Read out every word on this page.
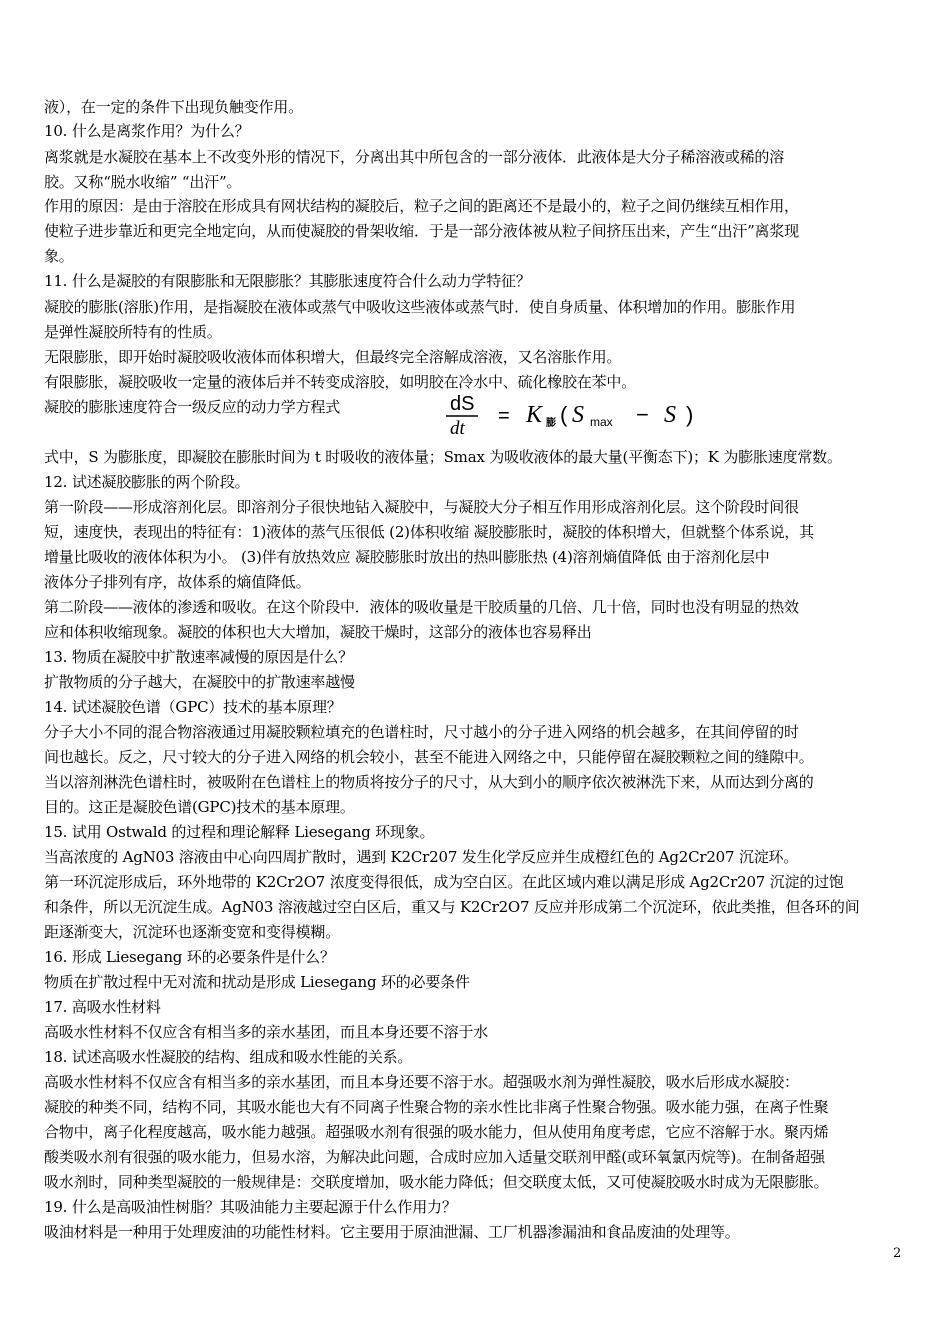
液），在一定的条件下出现负触变作用。
10. 什么是离浆作用？为什么？
离浆就是水凝胶在基本上不改变外形的情况下，分离出其中所包含的一部分液体．此液体是大分子稀溶液或稀的溶
胶。又称“脱水收缩” “出汗”。
作用的原因：是由于溶胶在形成具有网状结构的凝胶后，粒子之间的距离还不是最小的，粒子之间仍继续互相作用，
使粒子进步靠近和更完全地定向，从而使凝胶的骨架收缩．于是一部分液体被从粒子间挤压出来，产生“出汗”离浆现
象。
11. 什么是凝胶的有限膨胀和无限膨胀？其膨胀速度符合什么动力学特征？
凝胶的膨胀(溶胀)作用，是指凝胶在液体或蒸气中吸收这些液体或蒸气时．使自身质量、体积增加的作用。膨胀作用
是弹性凝胶所特有的性质。
无限膨胀，即开始时凝胶吸收液体而体积增大，但最终完全溶解成溶液，又名溶胀作用。
有限膨胀，凝胶吸收一定量的液体后并不转变成溶胶，如明胶在冷水中、硫化橡胶在苯中。
凝胶的膨胀速度符合一级反应的动力学方程式
式中，S 为膨胀度，即凝胶在膨胀时间为 t 时吸收的液体量；Smax 为吸收液体的最大量(平衡态下)；K 为膨胀速度常数。
12. 试述凝胶膨胀的两个阶段。
第一阶段——形成溶剂化层。即溶剂分子很快地钻入凝胶中，与凝胶大分子相互作用形成溶剂化层。这个阶段时间很
短，速度快，表现出的特征有：1)液体的蒸气压很低 (2)体积收缩 凝胶膨胀时，凝胶的体积增大，但就整个体系说，其
增量比吸收的液体体积为小。 (3)伴有放热效应 凝胶膨胀时放出的热叫膨胀热 (4)溶剂熵值降低 由于溶剂化层中
液体分子排列有序，故体系的熵值降低。
第二阶段——液体的渗透和吸收。在这个阶段中．液体的吸收量是干胶质量的几倍、几十倍，同时也没有明显的热效
应和体积收缩现象。凝胶的体积也大大增加，凝胶干燥时，这部分的液体也容易释出
13. 物质在凝胶中扩散速率减慢的原因是什么？
扩散物质的分子越大，在凝胶中的扩散速率越慢
14. 试述凝胶色谱（GPC）技术的基本原理？
分子大小不同的混合物溶液通过用凝胶颗粒填充的色谱柱时，尺寸越小的分子进入网络的机会越多，在其间停留的时
间也越长。反之，尺寸较大的分子进入网络的机会较小，甚至不能进入网络之中，只能停留在凝胶颗粒之间的缝隙中。
当以溶剂淋洗色谱柱时，被吸附在色谱柱上的物质将按分子的尺寸，从大到小的顺序依次被淋洗下来，从而达到分离的
目的。这正是凝胶色谱(GPC)技术的基本原理。
15. 试用 Ostwald 的过程和理论解释 Liesegang 环现象。
当高浓度的 AgN03 溶液由中心向四周扩散时，遇到 K2Cr207 发生化学反应并生成橙红色的 Ag2Cr207 沉淀环。
第一环沉淀形成后，环外地带的 K2Cr2O7 浓度变得很低，成为空白区。在此区域内难以满足形成 Ag2Cr207 沉淀的过饱
和条件，所以无沉淀生成。AgN03 溶液越过空白区后，重又与 K2Cr2O7 反应并形成第二个沉淀环，依此类推，但各环的间
距逐渐变大，沉淀环也逐渐变宽和变得模糊。
16. 形成 Liesegang 环的必要条件是什么？
物质在扩散过程中无对流和扰动是形成 Liesegang 环的必要条件
17. 高吸水性材料
高吸水性材料不仅应含有相当多的亲水基团，而且本身还要不溶于水
18. 试述高吸水性凝胶的结构、组成和吸水性能的关系。
高吸水性材料不仅应含有相当多的亲水基团，而且本身还要不溶于水。超强吸水剂为弹性凝胶，吸水后形成水凝胶：
凝胶的种类不同，结构不同，其吸水能也大有不同离子性聚合物的亲水性比非离子性聚合物强。吸水能力强，在离子性聚
合物中，离子化程度越高，吸水能力越强。超强吸水剂有很强的吸水能力，但从使用角度考虑，它应不溶解于水。聚丙烯
酸类吸水剂有很强的吸水能力，但易水溶，为解决此问题，合成时应加入适量交联剂甲醛(或环氧氯丙烷等)。在制备超强
吸水剂时，同种类型凝胶的一般规律是：交联度增加，吸水能力降低；但交联度太低，又可使凝胶吸水时成为无限膨胀。
19. 什么是高吸油性树脂？其吸油能力主要起源于什么作用力？
吸油材料是一种用于处理废油的功能性材料。它主要用于原油泄漏、工厂机器渗漏油和食品废油的处理等。
dS
dt
= K 膨 ( S max − S )
2
